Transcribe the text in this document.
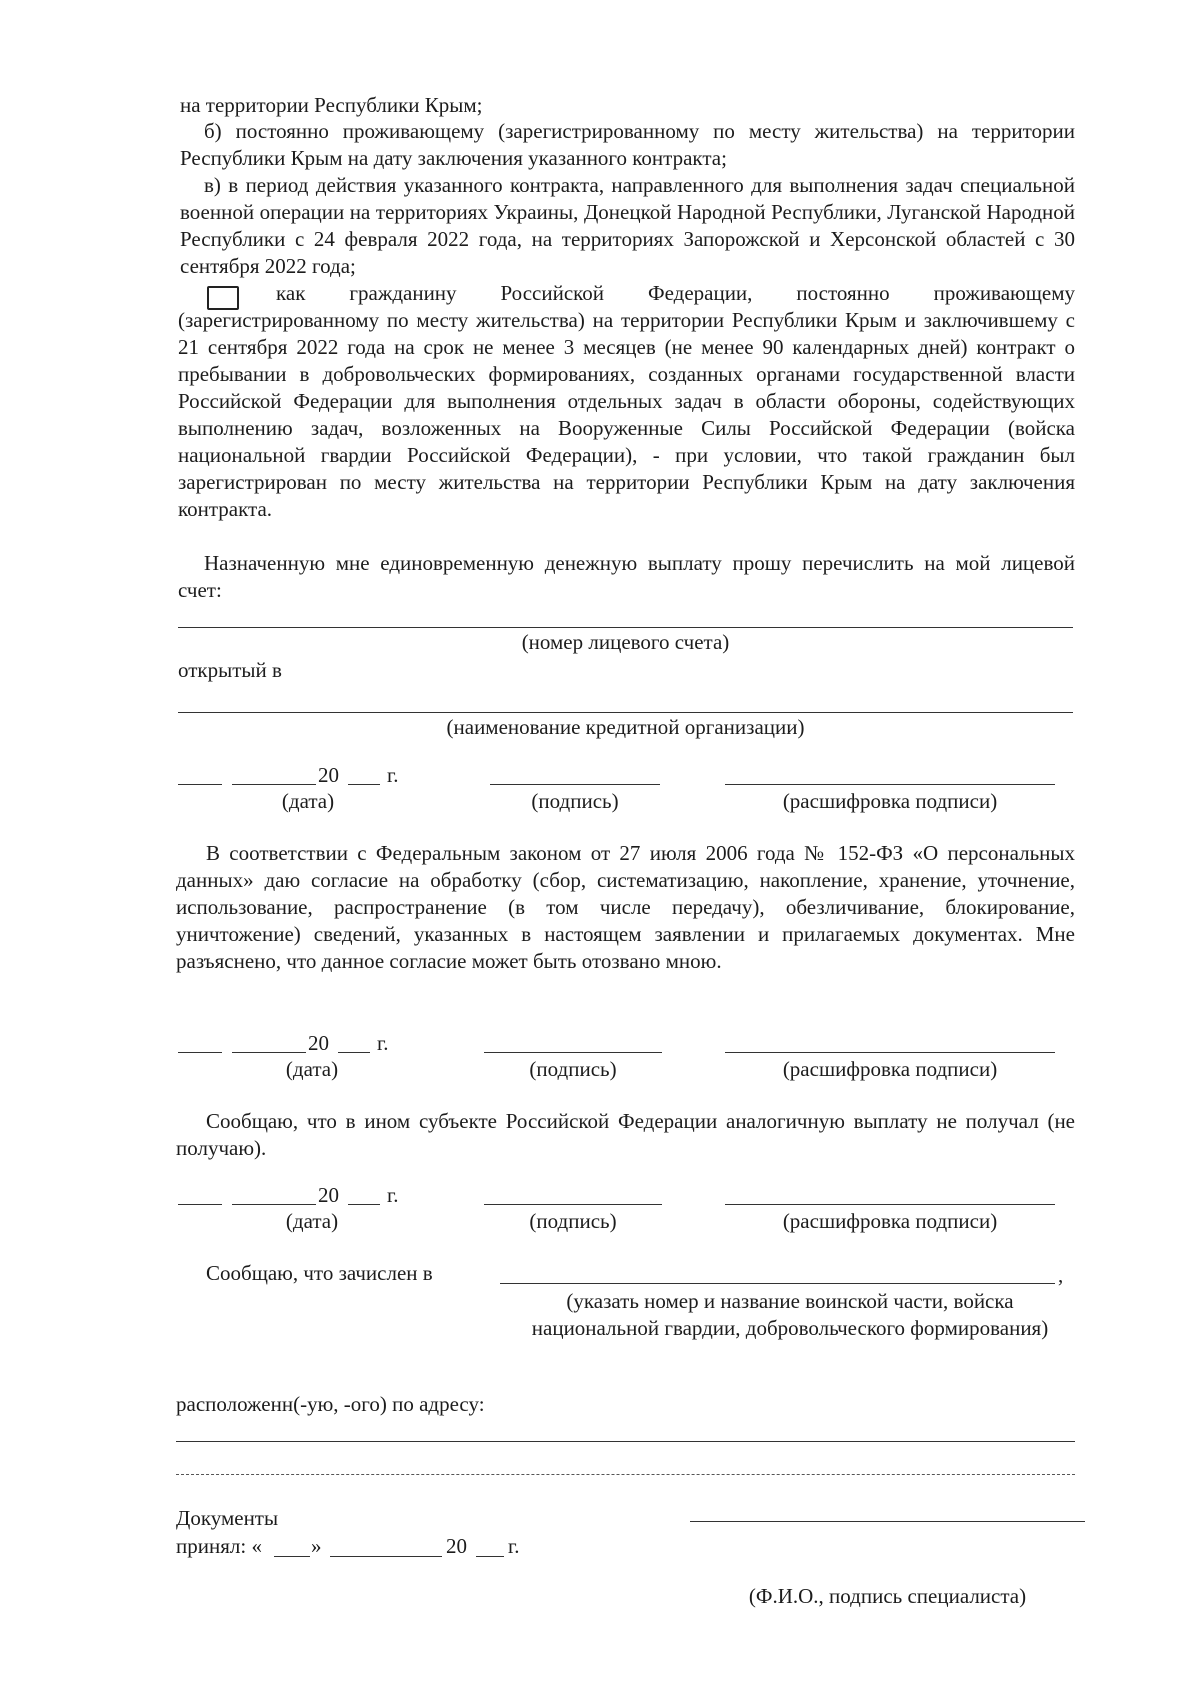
на территории Республики Крым;
б) постоянно проживающему (зарегистрированному по месту жительства) на территории Республики Крым на дату заключения указанного контракта;
в) в период действия указанного контракта, направленного для выполнения задач специальной военной операции на территориях Украины, Донецкой Народной Республики, Луганской Народной Республики с 24 февраля 2022 года, на территориях Запорожской и Херсонской областей с 30 сентября 2022 года;
как гражданину Российской Федерации, постоянно проживающему
(зарегистрированному по месту жительства) на территории Республики Крым и заключившему с 21 сентября 2022 года на срок не менее 3 месяцев (не менее 90 календарных дней) контракт о пребывании в добровольческих формированиях, созданных органами государственной власти Российской Федерации для выполнения отдельных задач в области обороны, содействующих выполнению задач, возложенных на Вооруженные Силы Российской Федерации (войска национальной гвардии Российской Федерации), - при условии, что такой гражданин был зарегистрирован по месту жительства на территории Республики Крым на дату заключения контракта.
Назначенную мне единовременную денежную выплату прошу перечислить на мой лицевой счет:
(номер лицевого счета)
открытый в
(наименование кредитной организации)
20 г.
(дата)	(подпись)	(расшифровка подписи)
В соответствии с Федеральным законом от 27 июля 2006 года № 152-ФЗ «О персональных данных» даю согласие на обработку (сбор, систематизацию, накопление, хранение, уточнение, использование, распространение (в том числе передачу), обезличивание, блокирование, уничтожение) сведений, указанных в настоящем заявлении и прилагаемых документах. Мне разъяснено, что данное согласие может быть отозвано мною.
20 г.
(дата)	(подпись)	(расшифровка подписи)
Сообщаю, что в ином субъекте Российской Федерации аналогичную выплату не получал (не получаю).
20 г.
(дата)	(подпись)	(расшифровка подписи)
Сообщаю, что зачислен в	,
(указать номер и название воинской части, войска национальной гвардии, добровольческого формирования)
расположенн(-ую, -ого) по адресу:
Документы
принял: « »	20 г.
(Ф.И.О., подпись специалиста)
